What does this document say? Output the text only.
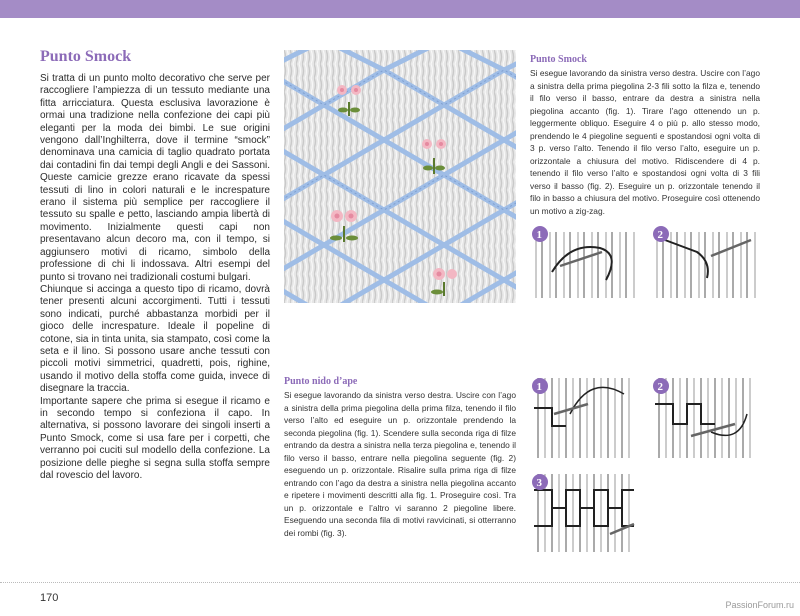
Punto Smock

Si tratta di un punto molto decorativo che serve per raccogliere l’ampiezza di un tessuto mediante una fitta arricciatura. Questa esclusiva lavorazione è ormai una tradizione nella confezione dei capi più eleganti per la moda dei bimbi. Le sue origini vengono dall’Inghilterra, dove il termine “smock” denominava una camicia di taglio quadrato portata dai contadini fin dai tempi degli Angli e dei Sassoni. Queste camicie grezze erano ricavate da spessi tessuti di lino in colori naturali e le increspature erano il sistema più semplice per raccogliere il tessuto su spalle e petto, lasciando ampia libertà di movimento. Inizialmente questi capi non presentavano alcun decoro ma, con il tempo, si aggiunsero motivi di ricamo, simbolo della professione di chi li indossava. Altri esempi del punto si trovano nei tradizionali costumi bulgari.

Chiunque si accinga a questo tipo di ricamo, dovrà tener presenti alcuni accorgimenti. Tutti i tessuti sono indicati, purché abbastanza morbidi per il gioco delle increspature. Ideale il popeline di cotone, sia in tinta unita, sia stampato, così come la seta e il lino. Si possono usare anche tessuti con piccoli motivi simmetrici, quadretti, pois, righine, usando il motivo della stoffa come guida, invece di disegnare la traccia.

Importante sapere che prima si esegue il ricamo e in secondo tempo si confeziona il capo. In alternativa, si possono lavorare dei singoli inserti a Punto Smock, come si usa fare per i corpetti, che verranno poi cuciti sul modello della confezione. La posizione delle pieghe si segna sulla stoffa sempre dal rovescio del lavoro.

Punto Smock

Si esegue lavorando da sinistra verso destra. Uscire con l’ago a sinistra della prima piegolina 2-3 fili sotto la filza e, tenendo il filo verso il basso, entrare da destra a sinistra nella piegolina accanto (fig. 1). Tirare l’ago ottenendo un p. leggermente obliquo. Eseguire 4 o più p. allo stesso modo, prendendo le 4 piegoline seguenti e spostandosi ogni volta di 3 p. verso l’alto. Tenendo il filo verso l’alto, eseguire un p. orizzontale a chiusura del motivo. Ridiscendere di 4 p. tenendo il filo verso l’alto e spostandosi ogni volta di 3 fili verso il basso (fig. 2). Eseguire un p. orizzontale tenendo il filo in basso a chiusura del motivo. Proseguire così ottenendo un motivo a zig-zag.

1	2
Punto nido d’ape

Si esegue lavorando da sinistra verso destra. Uscire con l’ago a sinistra della prima piegolina della prima filza, tenendo il filo verso l’alto ed eseguire un p. orizzontale prendendo la seconda piegolina (fig. 1). Scendere sulla seconda riga di filze entrando da destra a sinistra nella terza piegolina e, tenendo il filo verso il basso, entrare nella piegolina seguente (fig. 2) eseguendo un p. orizzontale. Risalire sulla prima riga di filze entrando con l’ago da destra a sinistra nella piegolina accanto e ripetere i movimenti descritti alla fig. 1. Proseguire così. Tra un p. orizzontale e l’altro vi saranno 2 piegoline libere. Eseguendo una seconda fila di motivi ravvicinati, si otterranno dei rombi (fig. 3).

1	2
3
170
PassionForum.ru
